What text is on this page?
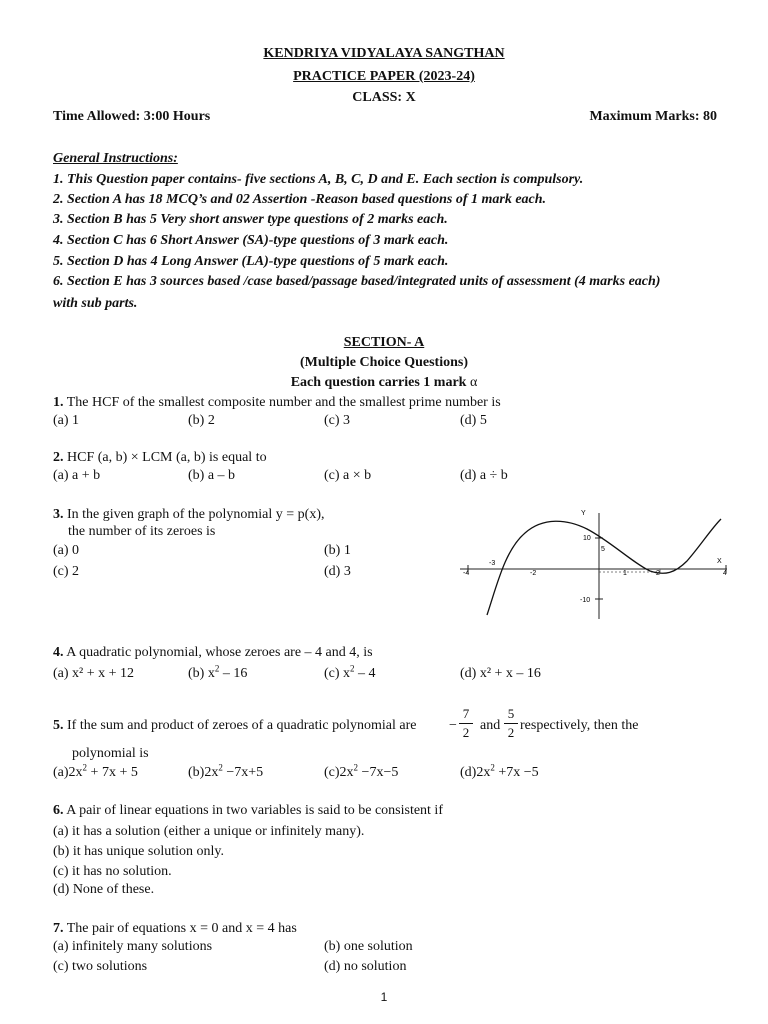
KENDRIYA VIDYALAYA SANGTHAN
PRACTICE PAPER (2023-24)
CLASS: X
Time Allowed: 3:00 Hours	Maximum Marks: 80
General Instructions:
1. This Question paper contains- five sections A, B, C, D and E. Each section is compulsory.
2. Section A has 18 MCQ’s and 02 Assertion -Reason based questions of 1 mark each.
3. Section B has 5 Very short answer type questions of 2 marks each.
4. Section C has 6 Short Answer (SA)-type questions of 3 mark each.
5. Section D has 4 Long Answer (LA)-type questions of 5 mark each.
6. Section E has 3 sources based /case based/passage based/integrated units of assessment (4 marks each)
with sub parts.
SECTION- A
(Multiple Choice Questions)
Each question carries 1 mark α
1. The HCF of the smallest composite number and the smallest prime number is
(a) 1	(b) 2	(c) 3	(d) 5
2. HCF (a, b) × LCM (a, b) is equal to
(a) a + b	(b) a – b	(c) a × b	(d) a ÷ b
3. In the given graph of the polynomial y = p(x),
the number of its zeroes is
(a) 0	(b) 1
(c) 2	(d) 3
Y
X
-4
-3
-2	1	2	4
10
5
-10
4. A quadratic polynomial, whose zeroes are – 4 and 4, is
(a) x² + x + 12	(b) $x^2 - 16$	(c) $x^2 - 4$	(d) x² + x – 16
5. If the sum and product of zeroes of a quadratic polynomial are −
7
2 and
5
2 respectively, then the
polynomial is
$(a)2x^2 + 7x + 5$	$(b)2x^2 -7x+5$	$(c)2x^2 -7x-5$	$(d)2x^2 +7x -5$
6. A pair of linear equations in two variables is said to be consistent if
(a) it has a solution (either a unique or infinitely many).
(b) it has unique solution only.
(c) it has no solution.
(d) None of these.
7. The pair of equations x = 0 and x = 4 has
(a) infinitely many solutions	(b) one solution
(c) two solutions	(d) no solution
1
